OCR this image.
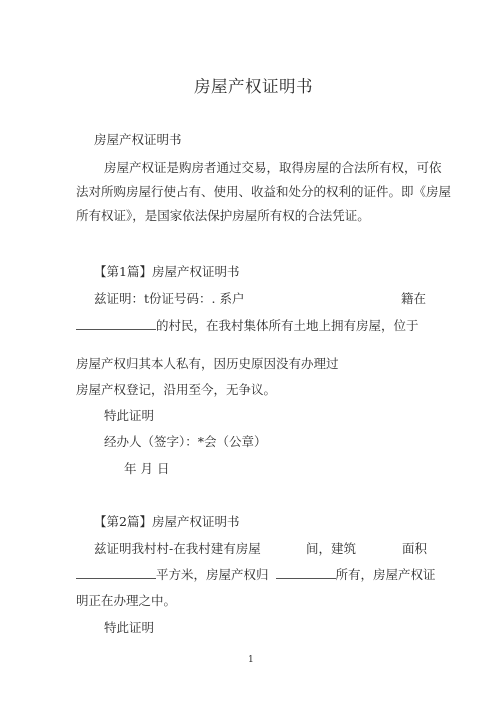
房屋产权证明书
房屋产权证明书
房屋产权证是购房者通过交易，取得房屋的合法所有权，可依
法对所购房屋行使占有、使用、收益和处分的权利的证件。即《房屋
所有权证》，是国家依法保护房屋所有权的合法凭证。
【第1篇】房屋产权证明书
兹证明：t份证号码：. 系户	籍在
的村民，在我村集体所有土地上拥有房屋，位于
房屋产权归其本人私有，因历史原因没有办理过
房屋产权登记，沿用至今，无争议。
特此证明
经办人（签字）：*会（公章）
年 月 日
【第2篇】房屋产权证明书
兹证明我村村-在我村建有房屋	间，建筑	面积
平方米，房屋产权归	所有，房屋产权证
明正在办理之中。
特此证明
1
